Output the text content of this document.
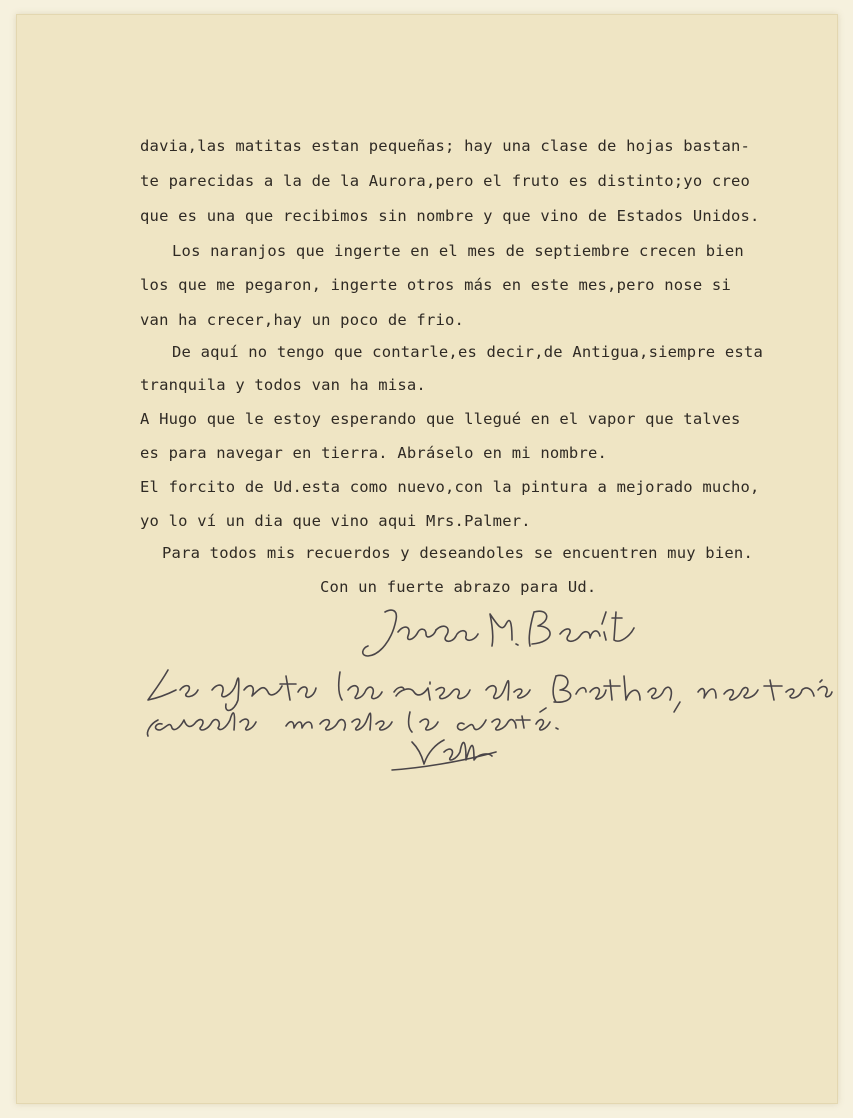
davia,las matitas estan pequeñas; hay una clase de hojas bastan-
te parecidas a la de la Aurora,pero el fruto es distinto;yo creo
que es una que recibimos sin nombre y que vino de Estados Unidos.
Los naranjos que ingerte en el mes de septiembre crecen bien
los que me pegaron, ingerte otros más en este mes,pero nose si
van ha crecer,hay un poco de frio.
De aquí no tengo que contarle,es decir,de Antigua,siempre esta
tranquila y todos van ha misa.
A Hugo que le estoy esperando que llegué en el vapor que talves
es para navegar en tierra. Abráselo en mi nombre.
El forcito de Ud.esta como nuevo,con la pintura a mejorado mucho,
yo lo ví un dia que vino aqui Mrs.Palmer.
Para todos mis recuerdos y deseandoles se encuentren muy bien.
Con un fuerte abrazo para Ud.
